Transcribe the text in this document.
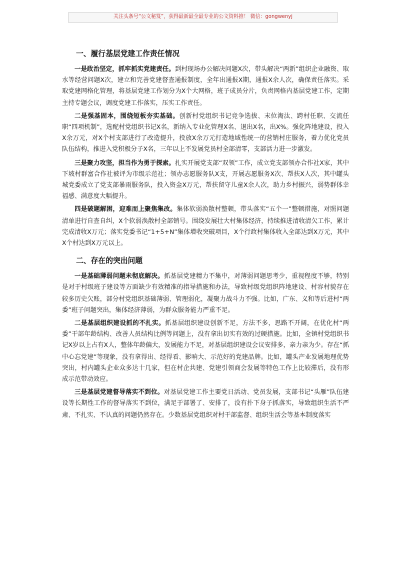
关注头条号“公文秘笈”，获得最新最全最专业的公文资料推！ 微信：gongwenyj
一、履行基层党建工作责任情况

一是政治坚定，抓牢抓实党建责任。到村现场办公解决问题X次，带头解决“两新”组织企业融资、取水等经营问题X次，建立和完善党建督查通报制度，全年出通报X期，通报X余人次，确保责任落实。采取党建网格化管理，将基层党建工作划分为X个大网格，班子成员分片，负责网格内基层党建工作，定期主持专题会议，调度党建工作落实，压实工作责任。

二是强基固本，围绕短板夯实基础。创新村党组织书记竞争选拔、末位淘汰、跨村任职、交流任职“四项机制”，选配村党组织书记X名，新纳入专业化管理X名、退出X名，出X%。强化阵地建设，投入X余万元，对X个村支部进行了改造提升，投放X余万元打造地域性统一的营销村庄服务，着力优化党员队伍结构，推进入党积极分子X名，三年以上不发展党员村全部清零，支部活力进一步激发。

三是聚力攻坚，担当作为勇于探索。扎实开展党支部“双领”工作，成立党支部领办合作社X家，其中下坡村群富合作社被评为市级示范社；领办志愿服务队X支，开展志愿服务X次、帮扶X人次，其中罐头城党委成立了党支部暴雨服务队，投入资金X万元，帮扶留守儿童X余人次，助力乡村振兴，弱势群体幸福感、满意度大幅提升。

四是破题解困，迎难而上聚焦集改。集体软弱涣散村整顿，带头落实“五个一”整顿措施，对照问题清单进行自查自纠，X个软弱涣散村全部销号。围绕发展壮大村集体经济，持续推进清收清欠工作，累计完成清收X万元；落实党委书记“1+5+N”集体增收突破项目，X个行政村集体收入全部达到X万元，其中X个村达到X万元以上。

二、存在的突出问题

一是基础薄弱问题未彻底解决。抓基层党建精力不集中，对薄弱问题思考少，重视程度不够，特别是对于村级班子建设等方面缺少有效精准的指导措施和办法，导致村级党组织阵地建设、村容村貌存在较多历史欠账，部分村党组织基础薄弱、管理弱化，凝聚力战斗力不强。比如，广东、义和等后进村“两委”班子问题突出，集体经济薄弱，为群众服务能力严重不足。

二是基层组织建设抓的不扎实。抓基层组织建设创新不足，方法不多，思路不开阔，在优化村“两委”干部年龄结构、改善人员结构比例等问题上，没有拿出切实有效的过硬措施。比如，全镇村党组织书记X岁以上占有X人，整体年龄偏大，发展能力不足，对基层组织建设会议安排多，亲力亲为少。存在“抓中心忘党建”等现象，没有拿得出、经得看、影响大、示范好的党建品牌。比如，罐头产业发展地理优势突出，村内罐头企业众多达十几家，但在村企共建、党建引领商会发展等特色工作上比较滞后，没有形成示范带动效应。

三是基层党建督导落实不到位。对基层党建工作主要党日活动、党员发展，支部书记“头雁”队伍建设等长期性工作的督导落实不到位，满足于部署了、安排了，没有扑下身子抓落实，导致组织生活不严肃、不扎实、不认真的问题仍然存在。少数基层党组织对村干部监督、组织生活会等基本制度落实
